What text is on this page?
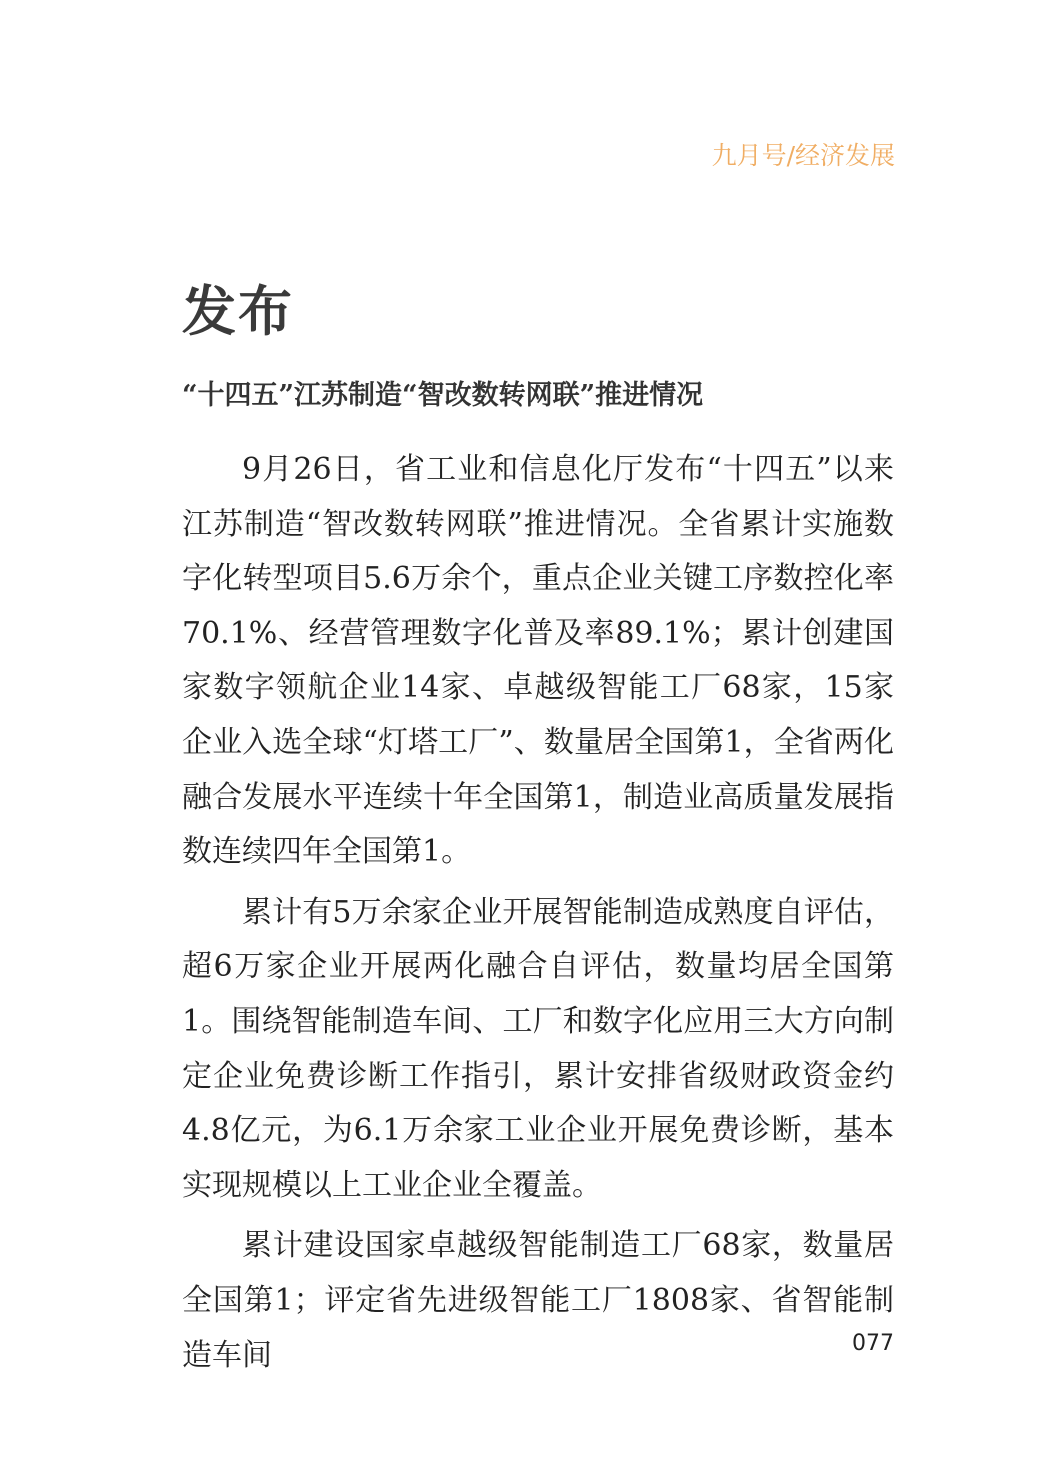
九月号/经济发展
发布
“十四五”江苏制造“智改数转网联”推进情况

9月26日，省工业和信息化厅发布“十四五”以来江苏制造“智改数转网联”推进情况。全省累计实施数字化转型项目5.6万余个，重点企业关键工序数控化率70.1%、经营管理数字化普及率89.1%；累计创建国家数字领航企业14家、卓越级智能工厂68家，15家企业入选全球“灯塔工厂”、数量居全国第1，全省两化融合发展水平连续十年全国第1，制造业高质量发展指数连续四年全国第1。

累计有5万余家企业开展智能制造成熟度自评估，超6万家企业开展两化融合自评估，数量均居全国第1。围绕智能制造车间、工厂和数字化应用三大方向制定企业免费诊断工作指引，累计安排省级财政资金约4.8亿元，为6.1万余家工业企业开展免费诊断，基本实现规模以上工业企业全覆盖。

累计建设国家卓越级智能制造工厂68家，数量居全国第1；评定省先进级智能工厂1808家、省智能制造车间	077
